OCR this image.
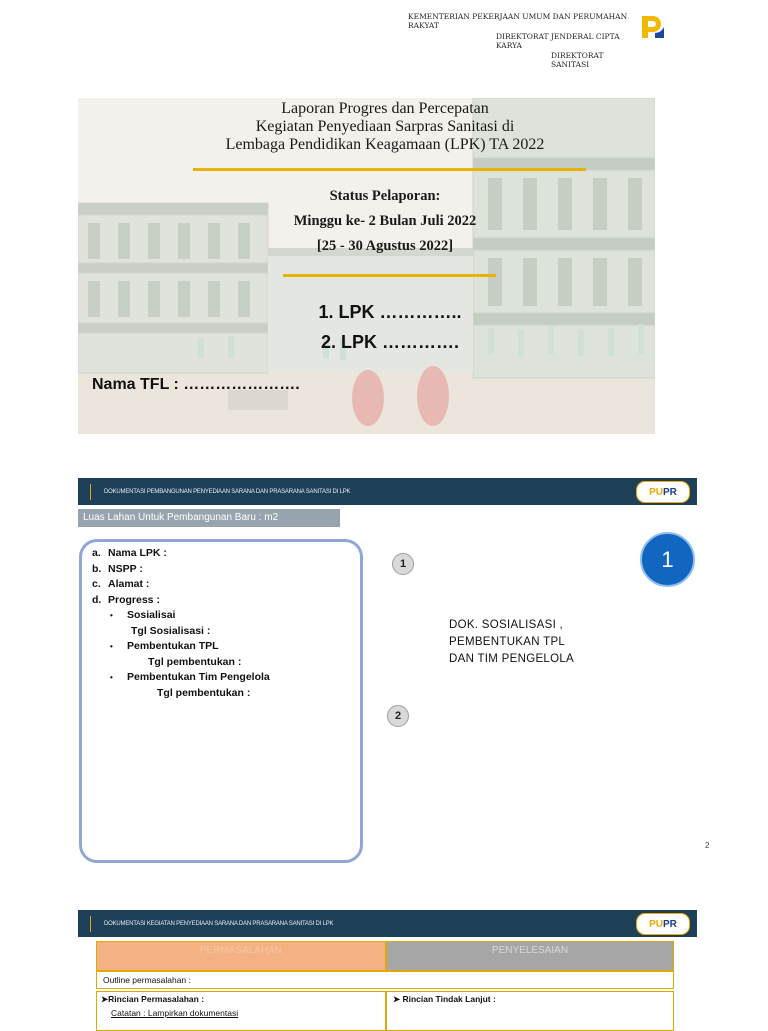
KEMENTERIAN PEKERJAAN UMUM DAN PERUMAHAN
RAKYAT
DIREKTORAT JENDERAL CIPTA
KARYA
DIREKTORAT
SANITASI
Laporan Progres dan Percepatan
Kegiatan Penyediaan Sarpras Sanitasi di
Lembaga Pendidikan Keagamaan (LPK) TA 2022
Status Pelaporan:
Minggu ke- 2 Bulan Juli 2022
[25 - 30 Agustus 2022]
1. LPK …………..
2. LPK ………….
Nama TFL : ………………….
DOKUMENTASI PEMBANGUNAN PENYEDIAAN SARANA DAN PRASARANA SANITASI DI LPK	PU PR
Luas Lahan Untuk Pembangunan Baru : m2
a. Nama LPK :
b. NSPP :
c. Alamat :
d. Progress :
• Sosialisai
Tgl Sosialisasi :
• Pembentukan TPL
Tgl pembentukan :
• Pembentukan Tim Pengelola
Tgl pembentukan :
1
2
1
DOK. SOSIALISASI ,
PEMBENTUKAN TPL
DAN TIM PENGELOLA
2
DOKUMENTASI KEGIATAN PENYEDIAAN SARANA DAN PRASARANA SANITASI DI LPK	PU PR
PERMASALAHAN	PENYELESAIAN
Outline permasalahan :
➤Rincian Permasalahan :
Catatan : Lampirkan dokumentasi
➤ Rincian Tindak Lanjut :
